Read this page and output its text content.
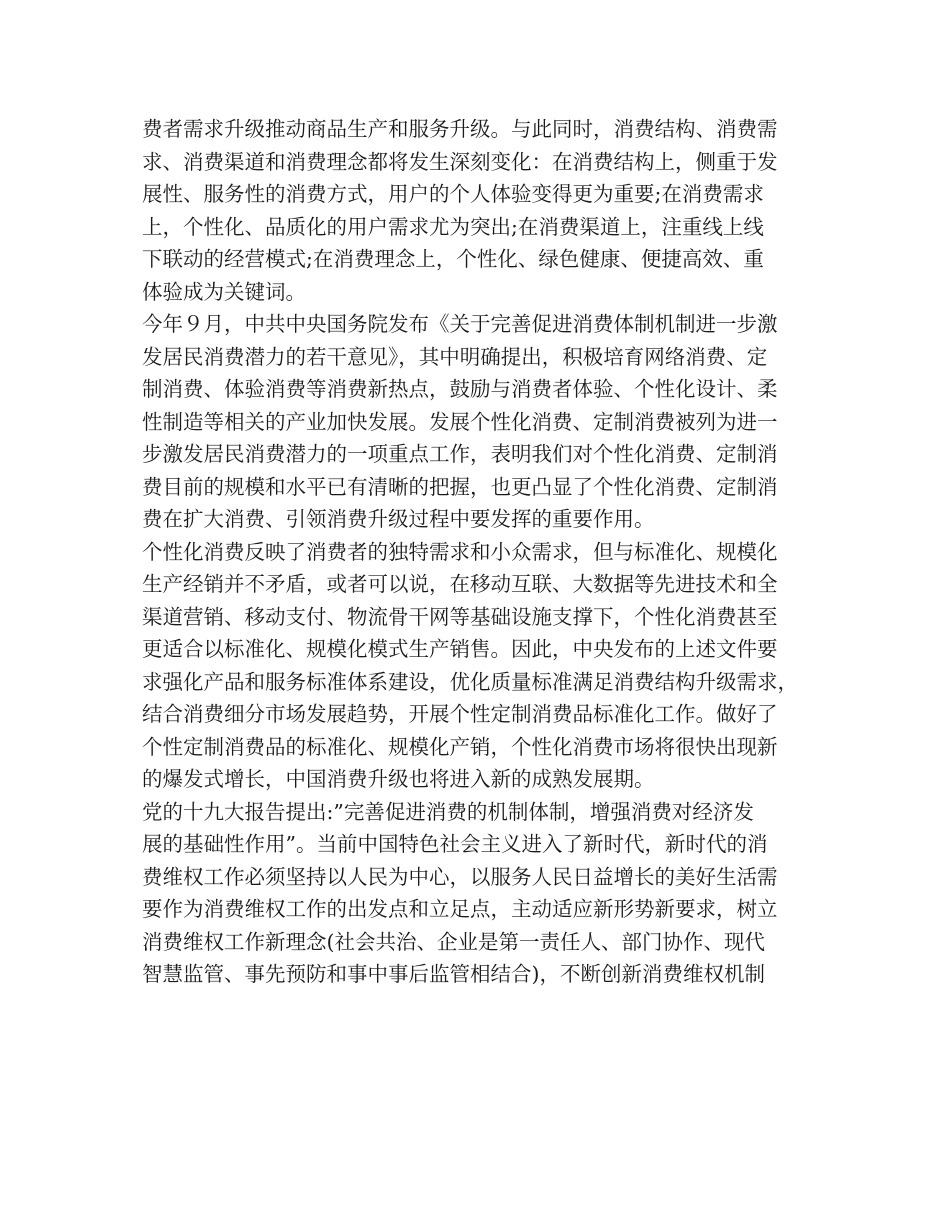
费者需求升级推动商品生产和服务升级。与此同时，消费结构、消费需
求、消费渠道和消费理念都将发生深刻变化：在消费结构上，侧重于发
展性、服务性的消费方式，用户的个人体验变得更为重要;在消费需求
上，个性化、品质化的用户需求尤为突出;在消费渠道上，注重线上线
下联动的经营模式;在消费理念上，个性化、绿色健康、便捷高效、重
体验成为关键词。
今年９月，中共中央国务院发布《关于完善促进消费体制机制进一步激
发居民消费潜力的若干意见》，其中明确提出，积极培育网络消费、定
制消费、体验消费等消费新热点，鼓励与消费者体验、个性化设计、柔
性制造等相关的产业加快发展。发展个性化消费、定制消费被列为进一
步激发居民消费潜力的一项重点工作，表明我们对个性化消费、定制消
费目前的规模和水平已有清晰的把握，也更凸显了个性化消费、定制消
费在扩大消费、引领消费升级过程中要发挥的重要作用。
个性化消费反映了消费者的独特需求和小众需求，但与标准化、规模化
生产经销并不矛盾，或者可以说，在移动互联、大数据等先进技术和全
渠道营销、移动支付、物流骨干网等基础设施支撑下，个性化消费甚至
更适合以标准化、规模化模式生产销售。因此，中央发布的上述文件要
求强化产品和服务标准体系建设，优化质量标准满足消费结构升级需求，
结合消费细分市场发展趋势，开展个性定制消费品标准化工作。做好了
个性定制消费品的标准化、规模化产销，个性化消费市场将很快出现新
的爆发式增长，中国消费升级也将进入新的成熟发展期。
党的十九大报告提出:”完善促进消费的机制体制，增强消费对经济发
展的基础性作用”。当前中国特色社会主义进入了新时代，新时代的消
费维权工作必须坚持以人民为中心，以服务人民日益增长的美好生活需
要作为消费维权工作的出发点和立足点，主动适应新形势新要求，树立
消费维权工作新理念(社会共治、企业是第一责任人、部门协作、现代
智慧监管、事先预防和事中事后监管相结合)，不断创新消费维权机制
